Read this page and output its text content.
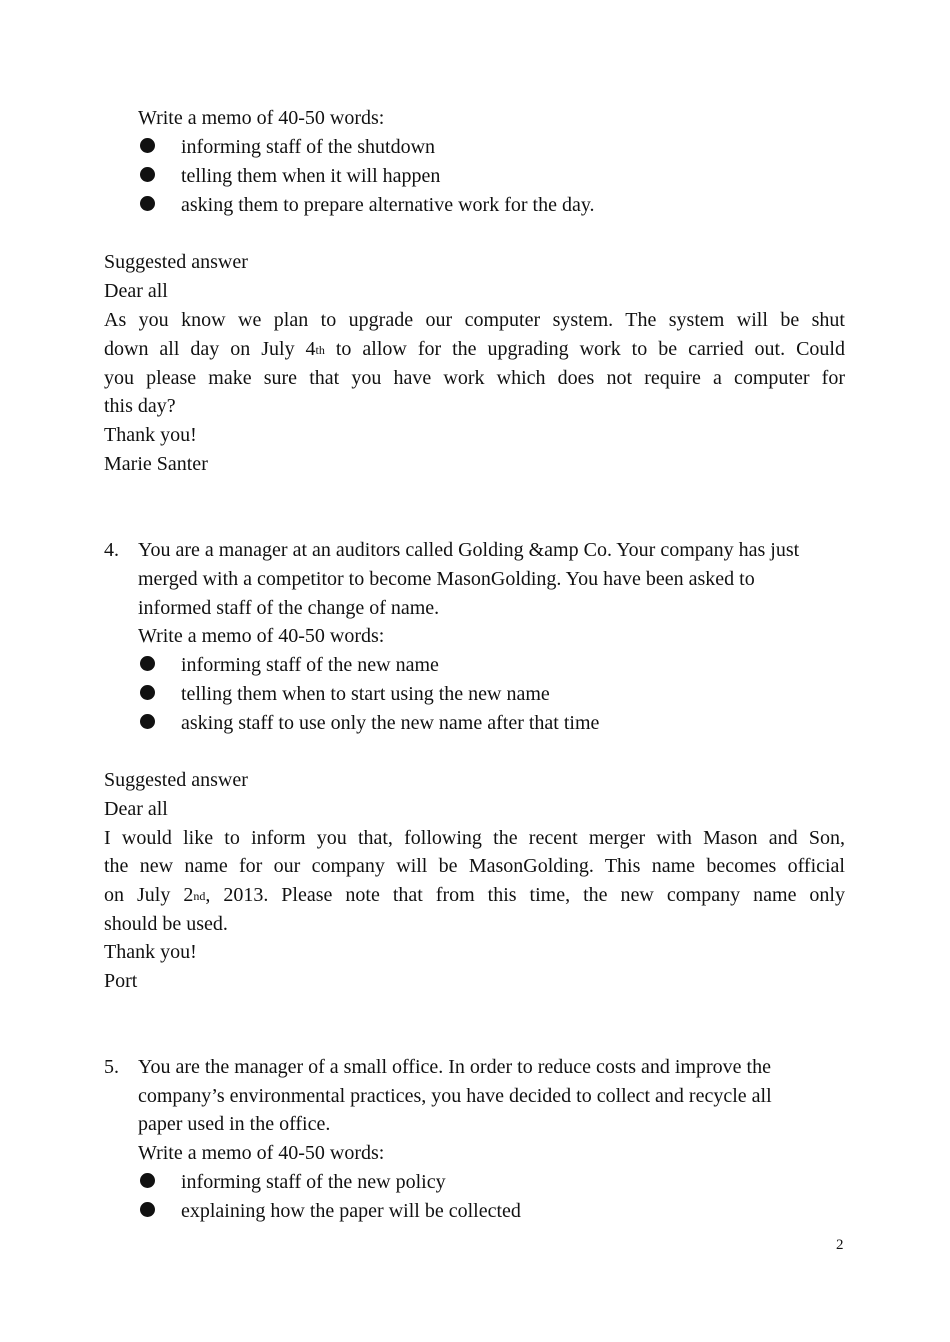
Write a memo of 40-50 words:
informing staff of the shutdown
telling them when it will happen
asking them to prepare alternative work for the day.
Suggested answer
Dear all
As you know we plan to upgrade our computer system. The system will be shut
down all day on July 4th to allow for the upgrading work to be carried out. Could
you please make sure that you have work which does not require a computer for
this day?
Thank you!
Marie Santer
4. You are a manager at an auditors called Golding &amp Co. Your company has just
merged with a competitor to become MasonGolding. You have been asked to
informed staff of the change of name.
Write a memo of 40-50 words:
informing staff of the new name
telling them when to start using the new name
asking staff to use only the new name after that time
Suggested answer
Dear all
I would like to inform you that, following the recent merger with Mason and Son,
the new name for our company will be MasonGolding. This name becomes official
on July 2nd, 2013. Please note that from this time, the new company name only
should be used.
Thank you!
Port
5. You are the manager of a small office. In order to reduce costs and improve the
company’s environmental practices, you have decided to collect and recycle all
paper used in the office.
Write a memo of 40-50 words:
informing staff of the new policy
explaining how the paper will be collected
2
